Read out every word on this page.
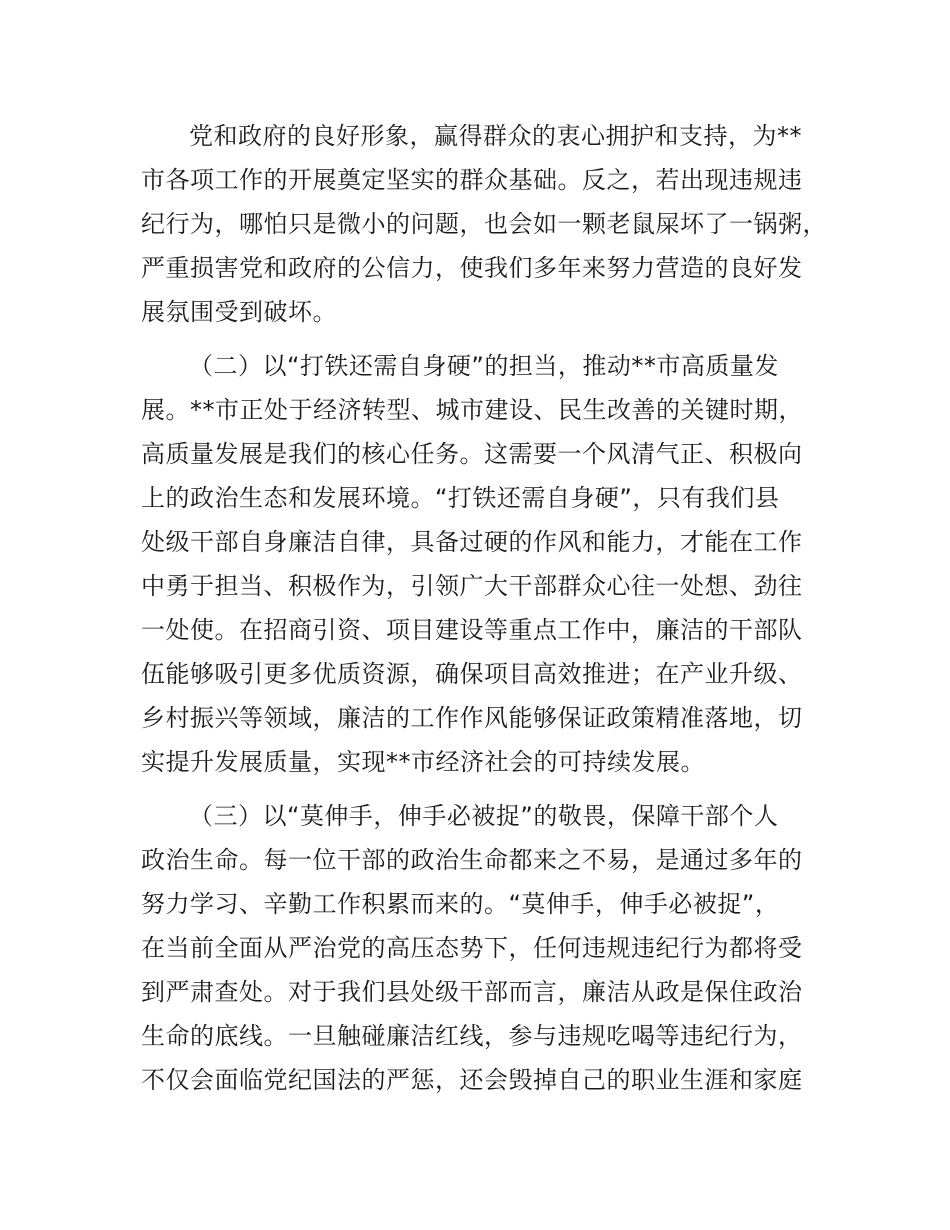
党和政府的良好形象，赢得群众的衷心拥护和支持，为**
市各项工作的开展奠定坚实的群众基础。反之，若出现违规违
纪行为，哪怕只是微小的问题，也会如一颗老鼠屎坏了一锅粥，
严重损害党和政府的公信力，使我们多年来努力营造的良好发
展氛围受到破坏。
（二）以“打铁还需自身硬”的担当，推动**市高质量发
展。**市正处于经济转型、城市建设、民生改善的关键时期，
高质量发展是我们的核心任务。这需要一个风清气正、积极向
上的政治生态和发展环境。“打铁还需自身硬”，只有我们县
处级干部自身廉洁自律，具备过硬的作风和能力，才能在工作
中勇于担当、积极作为，引领广大干部群众心往一处想、劲往
一处使。在招商引资、项目建设等重点工作中，廉洁的干部队
伍能够吸引更多优质资源，确保项目高效推进；在产业升级、
乡村振兴等领域，廉洁的工作作风能够保证政策精准落地，切
实提升发展质量，实现**市经济社会的可持续发展。
（三）以“莫伸手，伸手必被捉”的敬畏，保障干部个人
政治生命。每一位干部的政治生命都来之不易，是通过多年的
努力学习、辛勤工作积累而来的。“莫伸手，伸手必被捉”，
在当前全面从严治党的高压态势下，任何违规违纪行为都将受
到严肃查处。对于我们县处级干部而言，廉洁从政是保住政治
生命的底线。一旦触碰廉洁红线，参与违规吃喝等违纪行为，
不仅会面临党纪国法的严惩，还会毁掉自己的职业生涯和家庭
